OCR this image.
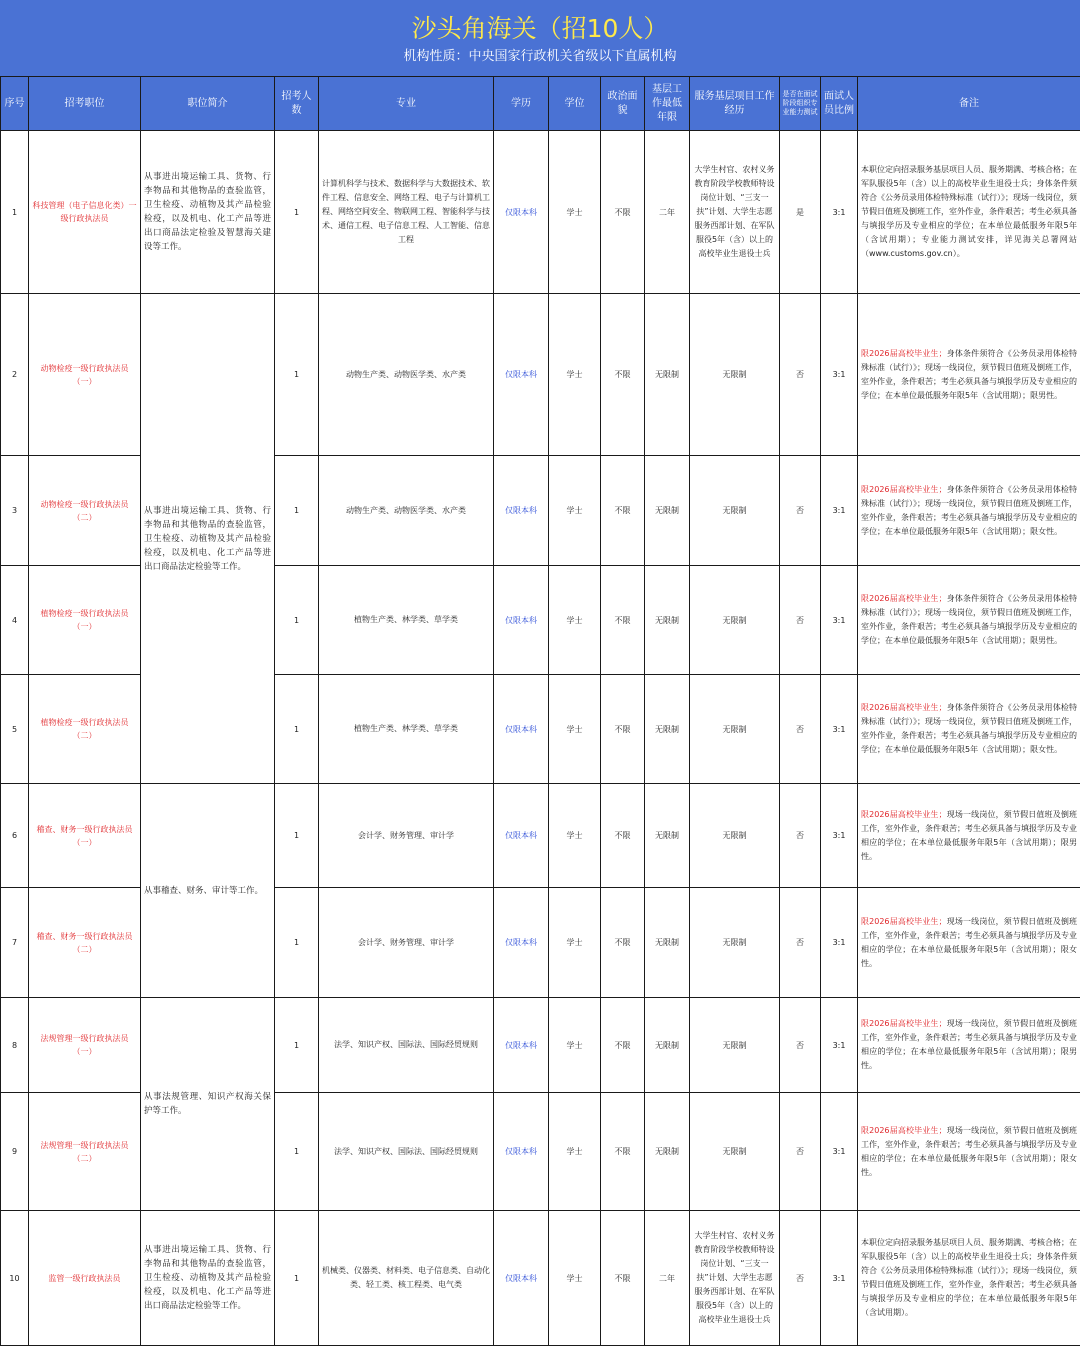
沙头角海关（招10人）
机构性质：中央国家行政机关省级以下直属机构
序号	招考职位	职位简介	招考人数	专业	学历	学位	政治面貌	基层工作最低年限	服务基层项目工作经历	是否在面试阶段组织专业能力测试	面试人员比例	备注
1	科技管理（电子信息化类）一级行政执法员	从事进出境运输工具、货物、行李物品和其他物品的查验监管，卫生检疫、动植物及其产品检验检疫，以及机电、化工产品等进出口商品法定检验及智慧海关建设等工作。	1	计算机科学与技术、数据科学与大数据技术、软件工程、信息安全、网络工程、电子与计算机工程、网络空间安全、物联网工程、智能科学与技术、通信工程、电子信息工程、人工智能、信息工程	仅限本科	学士	不限	二年	大学生村官、农村义务教育阶段学校教师特设岗位计划、“三支一扶”计划、大学生志愿服务西部计划、在军队服役5年（含）以上的高校毕业生退役士兵	是	3:1	本职位定向招录服务基层项目人员、服务期满、考核合格；在军队服役5年（含）以上的高校毕业生退役士兵；身体条件须符合《公务员录用体检特殊标准（试行）》；现场一线岗位，须节假日值班及倒班工作，室外作业，条件艰苦；考生必须具备与填报学历及专业相应的学位；在本单位最低服务年限5年（含试用期）；专业能力测试安排，详见海关总署网站（www.customs.gov.cn）。
2	动物检疫一级行政执法员（一）	从事进出境运输工具、货物、行李物品和其他物品的查验监管，卫生检疫、动植物及其产品检验检疫，以及机电、化工产品等进出口商品法定检验等工作。	1	动物生产类、动物医学类、水产类	仅限本科	学士	不限	无限制	无限制	否	3:1	限2026届高校毕业生；身体条件须符合《公务员录用体检特殊标准（试行）》；现场一线岗位，须节假日值班及倒班工作，室外作业，条件艰苦；考生必须具备与填报学历及专业相应的学位；在本单位最低服务年限5年（含试用期）；限男性。
3	动物检疫一级行政执法员（二）		1	动物生产类、动物医学类、水产类	仅限本科	学士	不限	无限制	无限制	否	3:1	限2026届高校毕业生；身体条件须符合《公务员录用体检特殊标准（试行）》；现场一线岗位，须节假日值班及倒班工作，室外作业，条件艰苦；考生必须具备与填报学历及专业相应的学位；在本单位最低服务年限5年（含试用期）；限女性。
4	植物检疫一级行政执法员（一）		1	植物生产类、林学类、草学类	仅限本科	学士	不限	无限制	无限制	否	3:1	限2026届高校毕业生；身体条件须符合《公务员录用体检特殊标准（试行）》；现场一线岗位，须节假日值班及倒班工作，室外作业，条件艰苦；考生必须具备与填报学历及专业相应的学位；在本单位最低服务年限5年（含试用期）；限男性。
5	植物检疫一级行政执法员（二）		1	植物生产类、林学类、草学类	仅限本科	学士	不限	无限制	无限制	否	3:1	限2026届高校毕业生；身体条件须符合《公务员录用体检特殊标准（试行）》；现场一线岗位，须节假日值班及倒班工作，室外作业，条件艰苦；考生必须具备与填报学历及专业相应的学位；在本单位最低服务年限5年（含试用期）；限女性。
6	稽查、财务一级行政执法员（一）	从事稽查、财务、审计等工作。	1	会计学、财务管理、审计学	仅限本科	学士	不限	无限制	无限制	否	3:1	限2026届高校毕业生；现场一线岗位，须节假日值班及倒班工作，室外作业，条件艰苦；考生必须具备与填报学历及专业相应的学位；在本单位最低服务年限5年（含试用期）；限男性。
7	稽查、财务一级行政执法员（二）		1	会计学、财务管理、审计学	仅限本科	学士	不限	无限制	无限制	否	3:1	限2026届高校毕业生；现场一线岗位，须节假日值班及倒班工作，室外作业，条件艰苦；考生必须具备与填报学历及专业相应的学位；在本单位最低服务年限5年（含试用期）；限女性。
8	法规管理一级行政执法员（一）	从事法规管理、知识产权海关保护等工作。	1	法学、知识产权、国际法、国际经贸规则	仅限本科	学士	不限	无限制	无限制	否	3:1	限2026届高校毕业生；现场一线岗位，须节假日值班及倒班工作，室外作业，条件艰苦；考生必须具备与填报学历及专业相应的学位；在本单位最低服务年限5年（含试用期）；限男性。
9	法规管理一级行政执法员（二）		1	法学、知识产权、国际法、国际经贸规则	仅限本科	学士	不限	无限制	无限制	否	3:1	限2026届高校毕业生；现场一线岗位，须节假日值班及倒班工作，室外作业，条件艰苦；考生必须具备与填报学历及专业相应的学位；在本单位最低服务年限5年（含试用期）；限女性。
10	监管一级行政执法员	从事进出境运输工具、货物、行李物品和其他物品的查验监管，卫生检疫、动植物及其产品检验检疫，以及机电、化工产品等进出口商品法定检验等工作。	1	机械类、仪器类、材料类、电子信息类、自动化类、轻工类、核工程类、电气类	仅限本科	学士	不限	二年	大学生村官、农村义务教育阶段学校教师特设岗位计划、“三支一扶”计划、大学生志愿服务西部计划、在军队服役5年（含）以上的高校毕业生退役士兵	否	3:1	本职位定向招录服务基层项目人员、服务期满、考核合格；在军队服役5年（含）以上的高校毕业生退役士兵；身体条件须符合《公务员录用体检特殊标准（试行）》；现场一线岗位，须节假日值班及倒班工作，室外作业，条件艰苦；考生必须具备与填报学历及专业相应的学位；在本单位最低服务年限5年（含试用期）。
